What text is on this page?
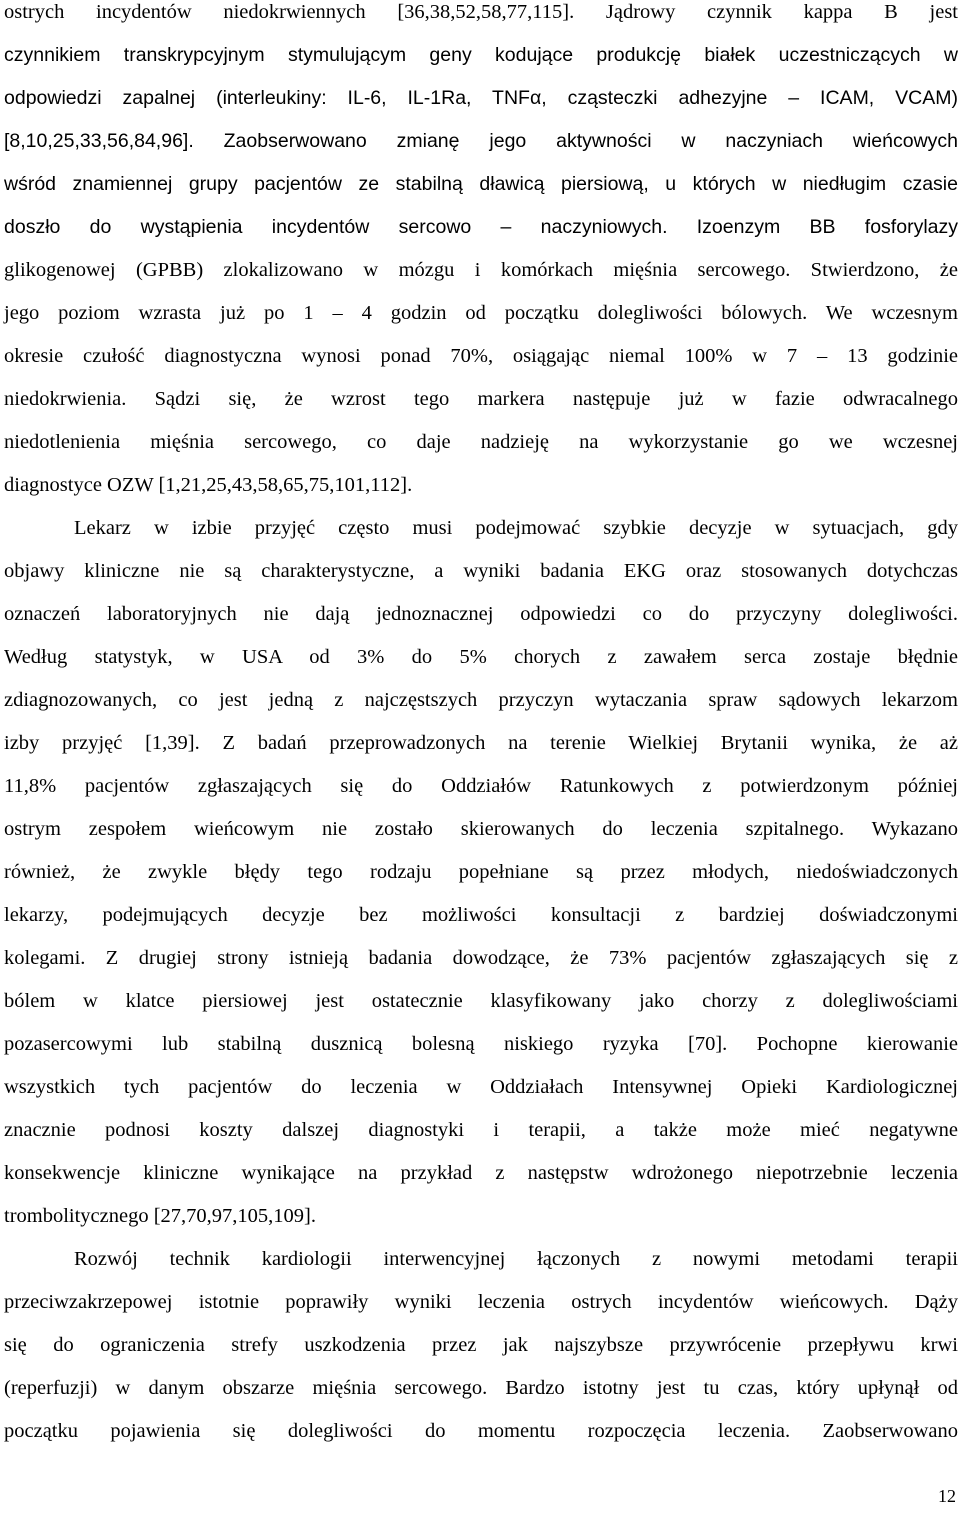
ostrych incydentów niedokrwiennych [36,38,52,58,77,115]. Jądrowy czynnik kappa B jest

czynnikiem transkrypcyjnym stymulującym geny kodujące produkcję białek uczestniczących w

odpowiedzi zapalnej (interleukiny: IL-6, IL-1Ra, TNFα, cząsteczki adhezyjne – ICAM, VCAM)

[8,10,25,33,56,84,96]. Zaobserwowano zmianę jego aktywności w naczyniach wieńcowych

wśród znamiennej grupy pacjentów ze stabilną dławicą piersiową, u których w niedługim czasie

doszło do wystąpienia incydentów sercowo – naczyniowych. Izoenzym BB fosforylazy

glikogenowej (GPBB) zlokalizowano w mózgu i komórkach mięśnia sercowego. Stwierdzono, że

jego poziom wzrasta już po 1 – 4 godzin od początku dolegliwości bólowych. We wczesnym

okresie czułość diagnostyczna wynosi ponad 70%, osiągając niemal 100% w 7 – 13 godzinie

niedokrwienia. Sądzi się, że wzrost tego markera następuje już w fazie odwracalnego

niedotlenienia mięśnia sercowego, co daje nadzieję na wykorzystanie go we wczesnej

diagnostyce OZW [1,21,25,43,58,65,75,101,112].

Lekarz w izbie przyjęć często musi podejmować szybkie decyzje w sytuacjach, gdy

objawy kliniczne nie są charakterystyczne, a wyniki badania EKG oraz stosowanych dotychczas

oznaczeń laboratoryjnych nie dają jednoznacznej odpowiedzi co do przyczyny dolegliwości.

Według statystyk, w USA od 3% do 5% chorych z zawałem serca zostaje błędnie

zdiagnozowanych, co jest jedną z najczęstszych przyczyn wytaczania spraw sądowych lekarzom

izby przyjęć [1,39]. Z badań przeprowadzonych na terenie Wielkiej Brytanii wynika, że aż

11,8% pacjentów zgłaszających się do Oddziałów Ratunkowych z potwierdzonym później

ostrym zespołem wieńcowym nie zostało skierowanych do leczenia szpitalnego. Wykazano

również, że zwykle błędy tego rodzaju popełniane są przez młodych, niedoświadczonych

lekarzy, podejmujących decyzje bez możliwości konsultacji z bardziej doświadczonymi

kolegami. Z drugiej strony istnieją badania dowodzące, że 73% pacjentów zgłaszających się z

bólem w klatce piersiowej jest ostatecznie klasyfikowany jako chorzy z dolegliwościami

pozasercowymi lub stabilną dusznicą bolesną niskiego ryzyka [70]. Pochopne kierowanie

wszystkich tych pacjentów do leczenia w Oddziałach Intensywnej Opieki Kardiologicznej

znacznie podnosi koszty dalszej diagnostyki i terapii, a także może mieć negatywne

konsekwencje kliniczne wynikające na przykład z następstw wdrożonego niepotrzebnie leczenia

trombolitycznego [27,70,97,105,109].

Rozwój technik kardiologii interwencyjnej łączonych z nowymi metodami terapii

przeciwzakrzepowej istotnie poprawiły wyniki leczenia ostrych incydentów wieńcowych. Dąży

się do ograniczenia strefy uszkodzenia przez jak najszybsze przywrócenie przepływu krwi

(reperfuzji) w danym obszarze mięśnia sercowego. Bardzo istotny jest tu czas, który upłynął od

początku pojawienia się dolegliwości do momentu rozpoczęcia leczenia. Zaobserwowano

12
